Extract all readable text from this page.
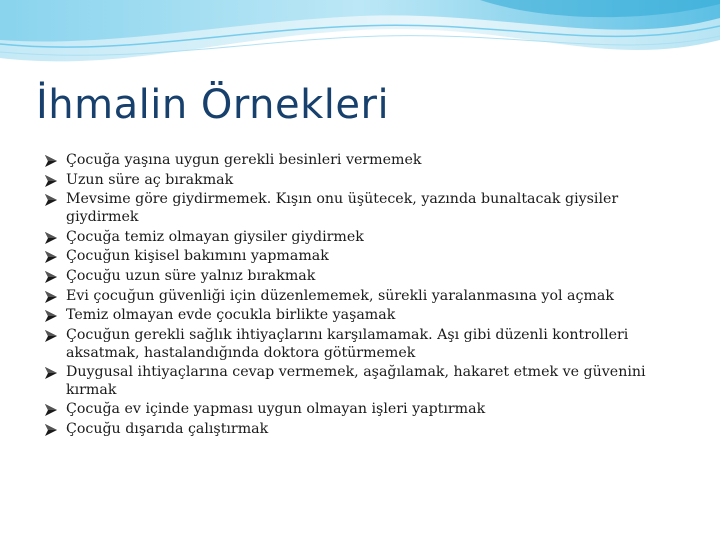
İhmalin Örnekleri
Çocuğa yaşına uygun gerekli besinleri vermemek
Uzun süre aç bırakmak
Mevsime göre giydirmemek. Kışın onu üşütecek, yazında bunaltacak giysiler giydirmek
Çocuğa temiz olmayan giysiler giydirmek
Çocuğun kişisel bakımını yapmamak
Çocuğu uzun süre yalnız bırakmak
Evi çocuğun güvenliği için düzenlememek, sürekli yaralanmasına yol açmak
Temiz olmayan evde çocukla birlikte yaşamak
Çocuğun gerekli sağlık ihtiyaçlarını karşılamamak. Aşı gibi düzenli kontrolleri aksatmak, hastalandığında doktora götürmemek
Duygusal ihtiyaçlarına cevap vermemek, aşağılamak, hakaret etmek ve güvenini kırmak
Çocuğa ev içinde yapması uygun olmayan işleri yaptırmak
Çocuğu dışarıda çalıştırmak
